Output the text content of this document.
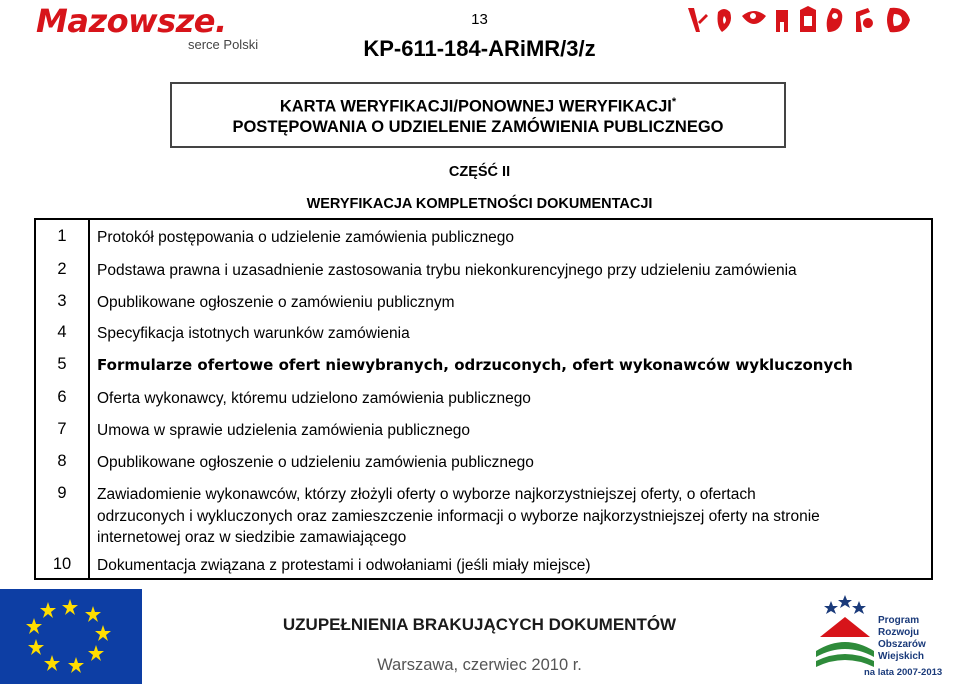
Mazowsze.
serce Polski
13
KP-611-184-ARiMR/3/z
KARTA WERYFIKACJI/PONOWNEJ WERYFIKACJI*
POSTĘPOWANIA O UDZIELENIE ZAMÓWIENIA PUBLICZNEGO
CZĘŚĆ II
WERYFIKACJA KOMPLETNOŚCI DOKUMENTACJI
1	Protokół postępowania o udzielenie zamówienia publicznego
2	Podstawa prawna i uzasadnienie zastosowania trybu niekonkurencyjnego przy udzieleniu zamówienia
3	Opublikowane ogłoszenie o zamówieniu publicznym
4	Specyfikacja istotnych warunków zamówienia
5	Formularze ofertowe ofert niewybranych, odrzuconych, ofert wykonawców wykluczonych
6	Oferta wykonawcy, któremu udzielono zamówienia publicznego
7	Umowa w sprawie udzielenia zamówienia publicznego
8	Opublikowane ogłoszenie o udzieleniu zamówienia publicznego
9	Zawiadomienie wykonawców, którzy złożyli oferty o wyborze najkorzystniejszej oferty, o ofertach
odrzuconych i wykluczonych oraz zamieszczenie informacji o wyborze najkorzystniejszej oferty na stronie
internetowej oraz w siedzibie zamawiającego
10	Dokumentacja związana z protestami i odwołaniami (jeśli miały miejsce)
UZUPEŁNIENIA BRAKUJĄCYCH DOKUMENTÓW
Warszawa, czerwiec 2010 r.
Program
Rozwoju
Obszarów
Wiejskich
na lata 2007-2013
